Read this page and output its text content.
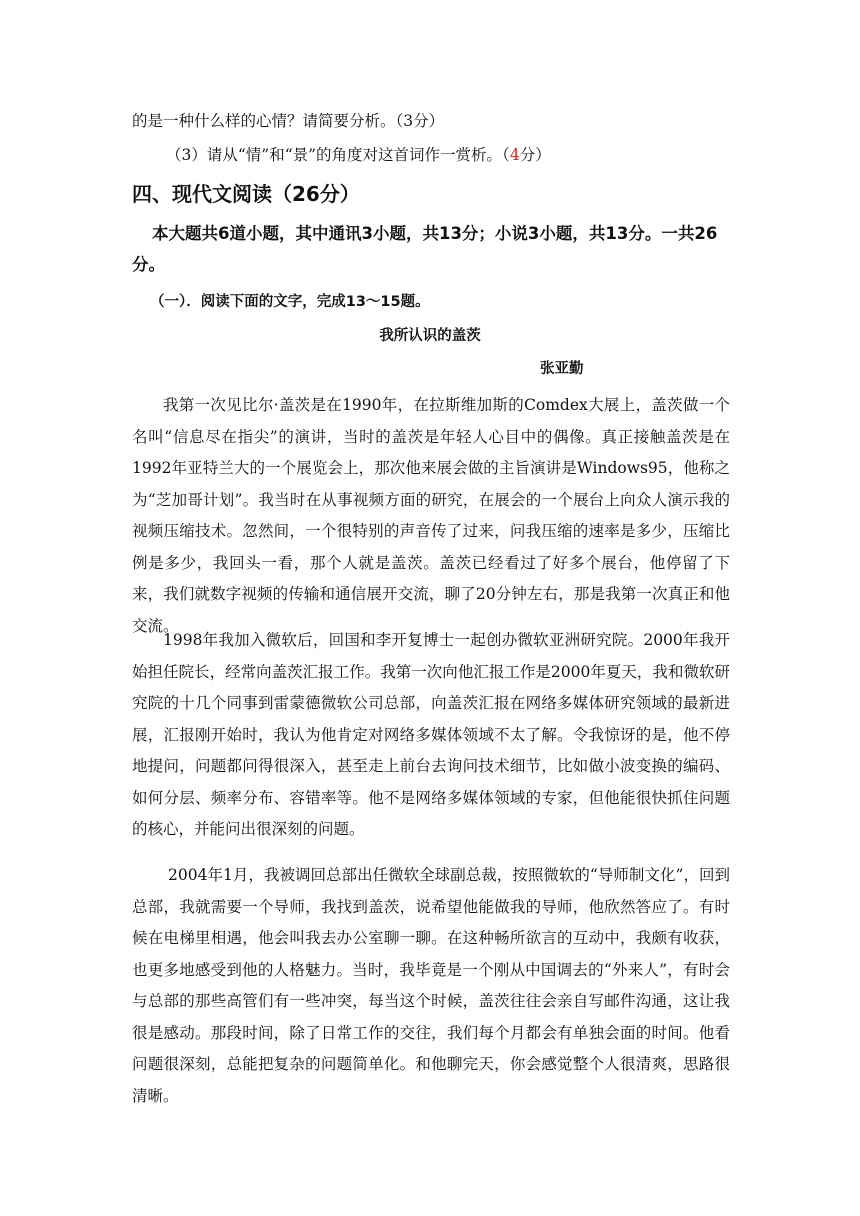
的是一种什么样的心情？请简要分析。（3分）
（3）请从“情”和“景”的角度对这首词作一赏析。（4分）
四、现代文阅读（26分）
本大题共6道小题，其中通讯3小题，共13分；小说3小题，共13分。一共26分。
（一）．阅读下面的文字，完成13～15题。
我所认识的盖茨
张亚勤
我第一次见比尔·盖茨是在1990年，在拉斯维加斯的Comdex大展上，盖茨做一个名叫“信息尽在指尖”的演讲，当时的盖茨是年轻人心目中的偶像。真正接触盖茨是在1992年亚特兰大的一个展览会上，那次他来展会做的主旨演讲是Windows95，他称之为“芝加哥计划”。我当时在从事视频方面的研究，在展会的一个展台上向众人演示我的视频压缩技术。忽然间，一个很特别的声音传了过来，问我压缩的速率是多少，压缩比例是多少，我回头一看，那个人就是盖茨。盖茨已经看过了好多个展台，他停留了下来，我们就数字视频的传输和通信展开交流，聊了20分钟左右，那是我第一次真正和他交流。
1998年我加入微软后，回国和李开复博士一起创办微软亚洲研究院。2000年我开始担任院长，经常向盖茨汇报工作。我第一次向他汇报工作是2000年夏天，我和微软研究院的十几个同事到雷蒙德微软公司总部，向盖茨汇报在网络多媒体研究领域的最新进展，汇报刚开始时，我认为他肯定对网络多媒体领域不太了解。令我惊讶的是，他不停地提问，问题都问得很深入，甚至走上前台去询问技术细节，比如做小波变换的编码、如何分层、频率分布、容错率等。他不是网络多媒体领域的专家，但他能很快抓住问题的核心，并能问出很深刻的问题。
2004年1月，我被调回总部出任微软全球副总裁，按照微软的“导师制文化”，回到总部，我就需要一个导师，我找到盖茨，说希望他能做我的导师，他欣然答应了。有时候在电梯里相遇，他会叫我去办公室聊一聊。在这种畅所欲言的互动中，我颇有收获，也更多地感受到他的人格魅力。当时，我毕竟是一个刚从中国调去的“外来人”，有时会与总部的那些高管们有一些冲突，每当这个时候，盖茨往往会亲自写邮件沟通，这让我很是感动。那段时间，除了日常工作的交往，我们每个月都会有单独会面的时间。他看问题很深刻，总能把复杂的问题简单化。和他聊完天，你会感觉整个人很清爽，思路很清晰。
